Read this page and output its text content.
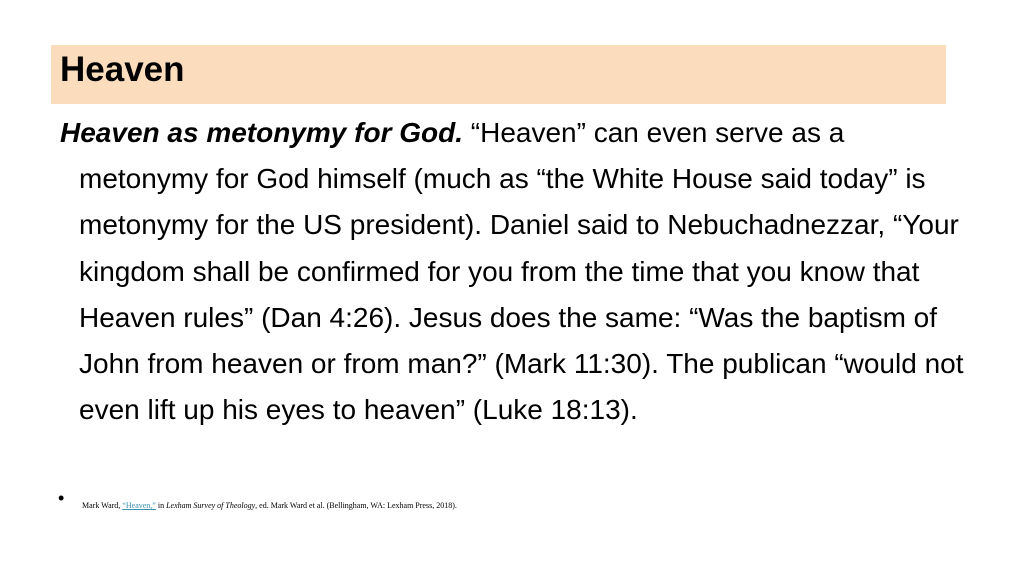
Heaven

Heaven as metonymy for God. “Heaven” can even serve as a metonymy for God himself (much as “the White House said today” is metonymy for the US president). Daniel said to Nebuchadnezzar, “Your kingdom shall be confirmed for you from the time that you know that Heaven rules” (Dan 4:26). Jesus does the same: “Was the baptism of John from heaven or from man?” (Mark 11:30). The publican “would not even lift up his eyes to heaven” (Luke 18:13).

• Mark Ward, “Heaven,” in Lexham Survey of Theology, ed. Mark Ward et al. (Bellingham, WA: Lexham Press, 2018).
